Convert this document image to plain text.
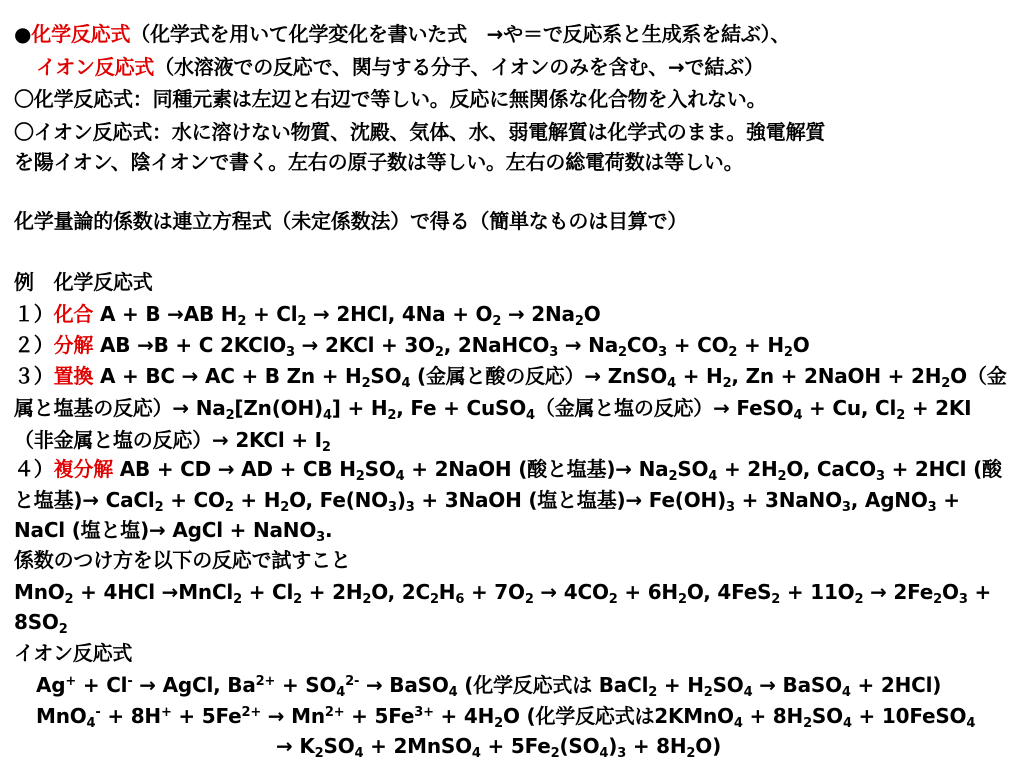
●化学反応式（化学式を用いて化学変化を書いた式　→や＝で反応系と生成系を結ぶ）、
イオン反応式（水溶液での反応で、関与する分子、イオンのみを含む、→で結ぶ）
〇化学反応式：同種元素は左辺と右辺で等しい。反応に無関係な化合物を入れない。
〇イオン反応式：水に溶けない物質、沈殿、気体、水、弱電解質は化学式のまま。強電解質
を陽イオン、陰イオンで書く。左右の原子数は等しい。左右の総電荷数は等しい。
化学量論的係数は連立方程式（未定係数法）で得る（簡単なものは目算で）
例　化学反応式
１）化合 A + B →AB $H_2 + Cl_2 \to 2HCl$, $4Na + O_2 \to 2Na_2O$
２）分解 AB →B + C 2KClO$_3$ → $2KCl + 3O_2$, 2NaHCO$_3$ → $Na_2CO_3 + CO_2 + H_2O$
３）置換 A + BC → AC + B $Zn + H_2SO_4$ (金属と酸の反応）→ ZnSO$_4$ + $H_2$, Zn + 2NaOH + $2H_2O$（金
属と塩基の反応）→ $Na_2[Zn(OH)_4] + H_2$, Fe + CuSO$_4$（金属と塩の反応）→ FeSO$_4$ + Cu, $Cl_2 + 2KI$
（非金属と塩の反応）→ $2KCl + I_2$
４）複分解 AB + CD → AD + CB $H_2SO_4$ + 2NaOH (酸と塩基)→ $Na_2SO_4 + 2H_2O$, CaCO$_3$ + 2HCl (酸
と塩基)→ CaCl$_2$ + $CO_2 + H_2O$, $Fe(NO_3)_3$ + 3NaOH (塩と塩基)→ $Fe(OH)_3$ + 3NaNO$_3$, AgNO$_3$ +
NaCl (塩と塩)→ AgCl + NaNO$_3$.
係数のつけ方を以下の反応で試すこと
MnO$_2$ + 4HCl →MnCl$_2$ + $Cl_2 + 2H_2O$, $2C_2H_6 + 7O_2 \to 4CO_2 + 6H_2O$, $4FeS_2 + 11O_2 \to 2Fe_2O_3$ +
$8SO_2$
イオン反応式
Ag+ + Cl- → AgCl, $Ba^{2+} + SO_4^{2-}$ → BaSO$_4$ (化学反応式は BaCl$_2$ + $H_2SO_4$ → BaSO$_4$ + 2HCl)
$MnO_4^- + 8H^+ + 5Fe^{2+} \to Mn^{2+} + 5Fe^{3+} + 4H_2O$ (化学反応式は2KMnO$_4$ + $8H_2SO_4$ + 10FeSO$_4$
→ $K_2SO_4$ + 2MnSO$_4$ + $5Fe_2(SO_4)_3 + 8H_2O$)
